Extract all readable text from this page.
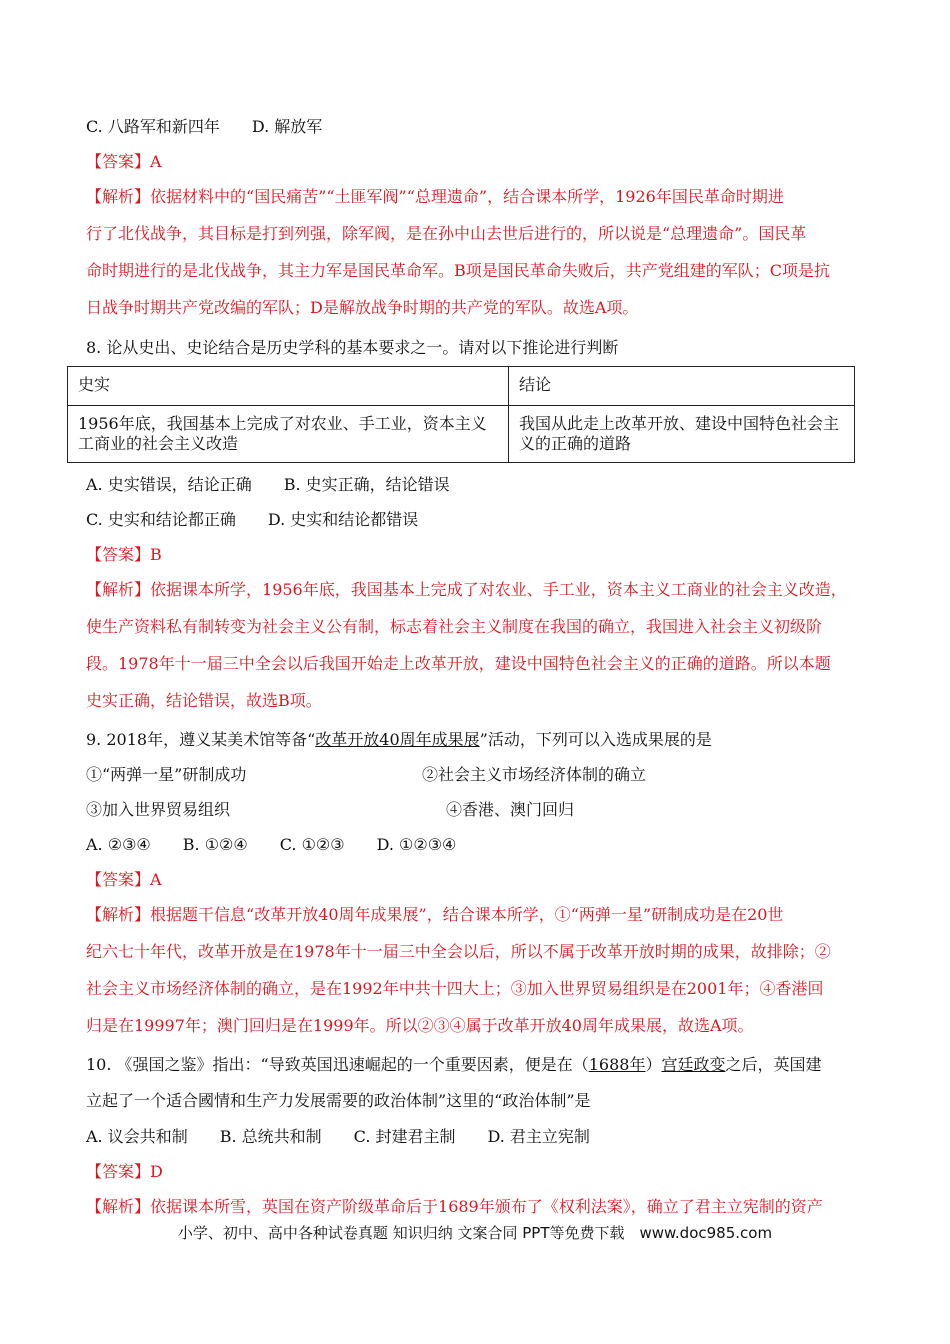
C. 八路军和新四年　　D. 解放军
【答案】A
【解析】依据材料中的“国民痛苦”“土匪军阀”“总理遗命”，结合课本所学，1926年国民革命时期进
行了北伐战争，其目标是打到列强，除军阀，是在孙中山去世后进行的，所以说是“总理遗命”。国民革
命时期进行的是北伐战争，其主力军是国民革命军。B项是国民革命失败后，共产党组建的军队；C项是抗
日战争时期共产党改编的军队；D是解放战争时期的共产党的军队。故选A项。
8. 论从史出、史论结合是历史学科的基本要求之一。请对以下推论进行判断
史实	结论
1956年底，我国基本上完成了对农业、手工业，资本主义工商业的社会主义改造	我国从此走上改革开放、建设中国特色社会主义的正确的道路
A. 史实错误，结论正确　　B. 史实正确，结论错误
C. 史实和结论都正确　　D. 史实和结论都错误
【答案】B
【解析】依据课本所学，1956年底，我国基本上完成了对农业、手工业，资本主义工商业的社会主义改造，
使生产资料私有制转变为社会主义公有制，标志着社会主义制度在我国的确立，我国进入社会主义初级阶
段。1978年十一届三中全会以后我国开始走上改革开放，建设中国特色社会主义的正确的道路。所以本题
史实正确，结论错误，故选B项。
9. 2018年，遵义某美术馆等备“改革开放40周年成果展”活动，下列可以入选成果展的是
①“两弹一星”研制成功	②社会主义市场经济体制的确立
③加入世界贸易组织	④香港、澳门回归
A. ②③④　　B. ①②④　　C. ①②③　　D. ①②③④
【答案】A
【解析】根据题干信息“改革开放40周年成果展”，结合课本所学，①“两弹一星”研制成功是在20世
纪六七十年代，改革开放是在1978年十一届三中全会以后，所以不属于改革开放时期的成果，故排除；②
社会主义市场经济体制的确立，是在1992年中共十四大上；③加入世界贸易组织是在2001年；④香港回
归是在19997年；澳门回归是在1999年。所以②③④属于改革开放40周年成果展，故选A项。
10. 《强国之鉴》指出：“导致英国迅速崛起的一个重要因素，便是在（1688年）宫廷政变之后，英国建
立起了一个适合國情和生产力发展需要的政治体制”这里的“政治体制”是
A. 议会共和制　　B. 总统共和制　　C. 封建君主制　　D. 君主立宪制
【答案】D
【解析】依据课本所雪，英国在资产阶级革命后于1689年颁布了《权利法案》，确立了君主立宪制的资产
小学、初中、高中各种试卷真题 知识归纳 文案合同 PPT等免费下载　www.doc985.com
